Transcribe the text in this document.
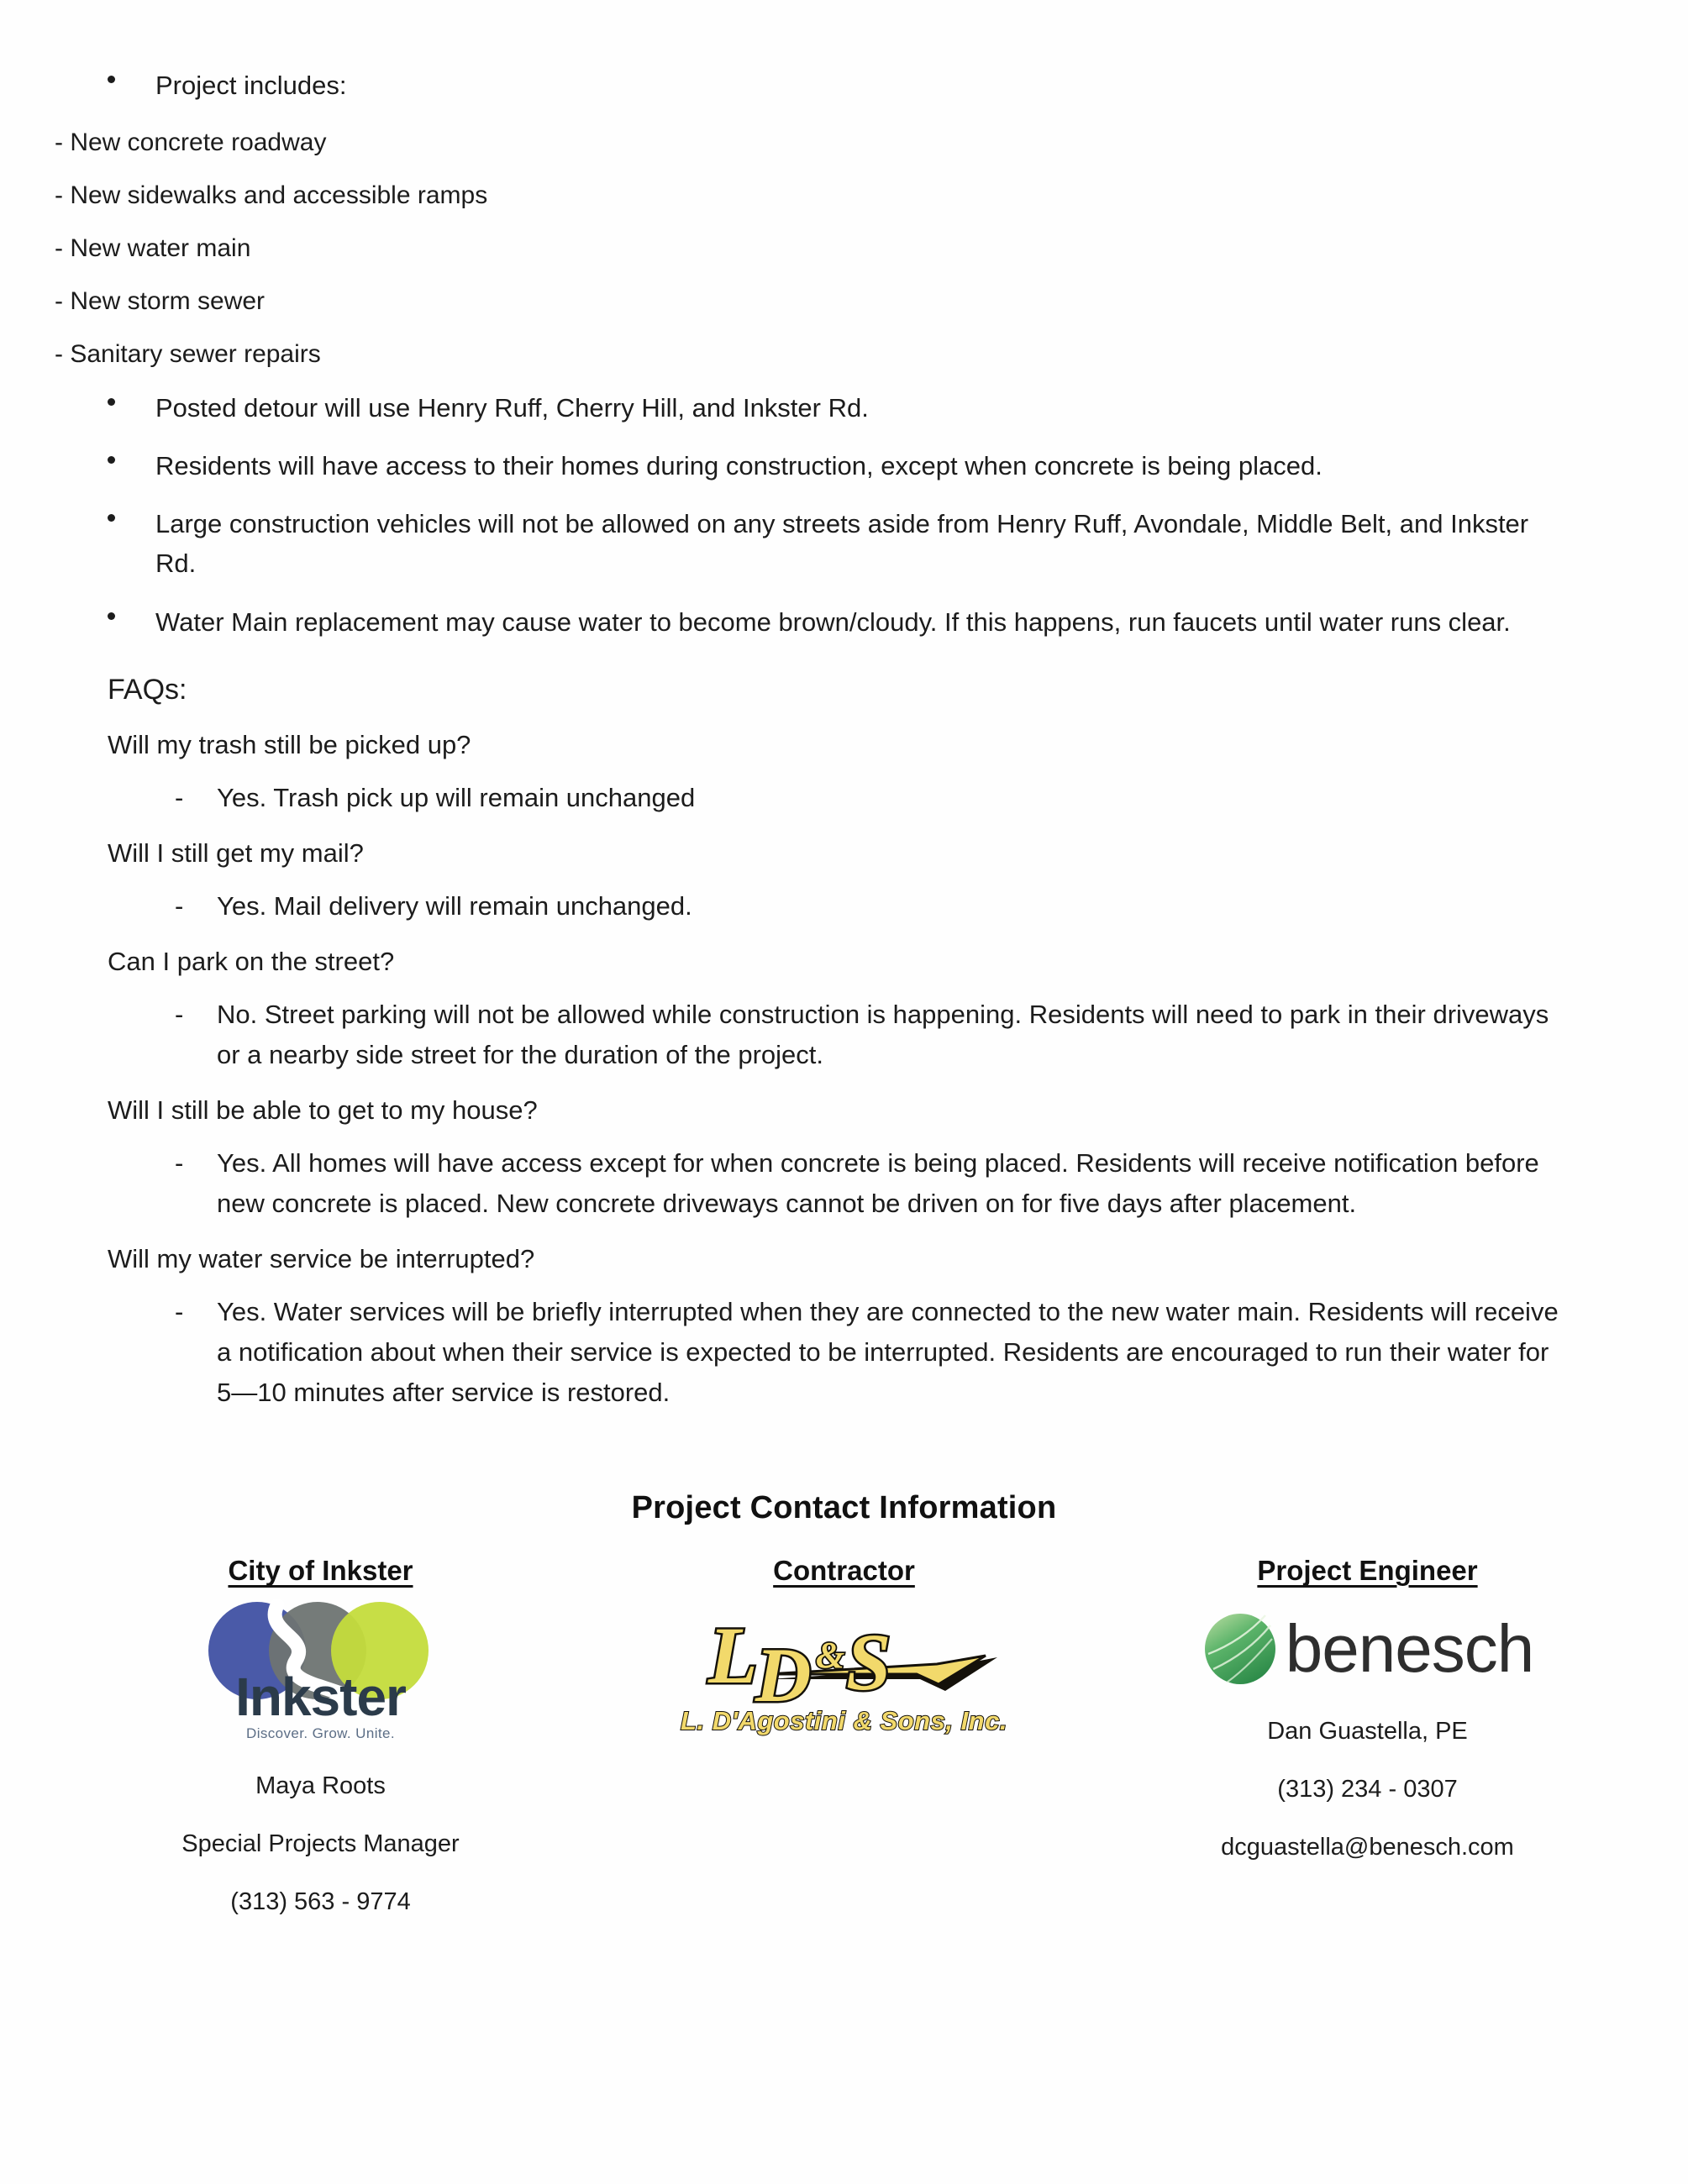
Project includes:
- New concrete roadway
- New sidewalks and accessible ramps
- New water main
- New storm sewer
- Sanitary sewer repairs
Posted detour will use Henry Ruff, Cherry Hill, and Inkster Rd.
Residents will have access to their homes during construction, except when concrete is being placed.
Large construction vehicles will not be allowed on any streets aside from Henry Ruff, Avondale, Middle Belt, and Inkster Rd.
Water Main replacement may cause water to become brown/cloudy. If this happens, run faucets until water runs clear.
FAQs:
Will my trash still be picked up?
- Yes. Trash pick up will remain unchanged
Will I still get my mail?
- Yes. Mail delivery will remain unchanged.
Can I park on the street?
- No. Street parking will not be allowed while construction is happening. Residents will need to park in their driveways or a nearby side street for the duration of the project.
Will I still be able to get to my house?
- Yes. All homes will have access except for when concrete is being placed. Residents will receive notification before new concrete is placed. New concrete driveways cannot be driven on for five days after placement.
Will my water service be interrupted?
- Yes. Water services will be briefly interrupted when they are connected to the new water main. Residents will receive a notification about when their service is expected to be interrupted. Residents are encouraged to run their water for 5—10 minutes after service is restored.
Project Contact Information
City of Inkster
Inkster
Discover. Grow. Unite.
Maya Roots
Special Projects Manager
(313) 563 - 9774
Contractor
L
D & S
L. D'Agostini & Sons, Inc.
Project Engineer
benesch
Dan Guastella, PE
(313) 234 - 0307
dcguastella@benesch.com
